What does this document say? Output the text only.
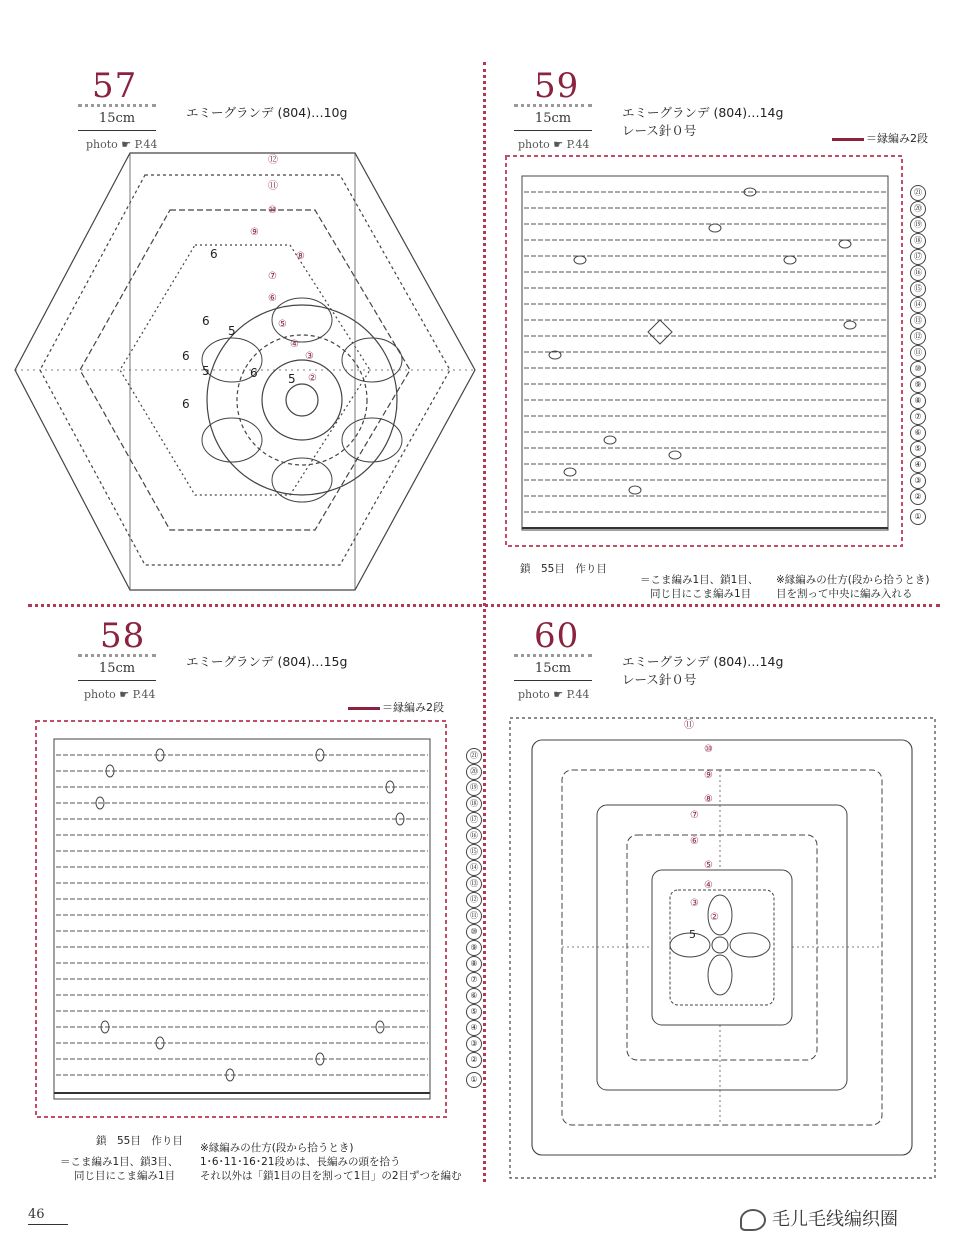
57
15cm
photo ☛ P.44
エミーグランデ (804)…10g
6
6
5
6
5	6
6
5
⑫
⑪
⑩
⑨
⑧
⑦
⑥
⑤
④
③
②
59
15cm
photo ☛ P.44
エミーグランデ (804)…14g
レース針０号
＝縁編み2段
㉑
⑳
⑲
⑱
⑰
⑯
⑮
⑭
⑬
⑫
⑪
⑩
⑨
⑧
⑦
⑥
⑤
④
③
②
①
鎖　55目　作り目
＝こま編み1目、鎖1目、
同じ目にこま編み1目
※縁編みの仕方(段から拾うとき)
目を割って中央に編み入れる
58
15cm
photo ☛ P.44
エミーグランデ (804)…15g
＝縁編み2段
㉑
⑳
⑲
⑱
⑰
⑯
⑮
⑭
⑬
⑫
⑪
⑩
⑨
⑧
⑦
⑥
⑤
④
③
②
①
鎖　55目　作り目
＝こま編み1目、鎖3目、
同じ目にこま編み1目
※縁編みの仕方(段から拾うとき)
1･6･11･16･21段めは、長編みの頭を拾う
それ以外は「鎖1目の目を割って1目」の2目ずつを編む
60
15cm
photo ☛ P.44
エミーグランデ (804)…14g
レース針０号
⑪
⑩
⑨
⑧
⑦
⑥
⑤
④
③
②
5
46	毛儿毛线编织圈
